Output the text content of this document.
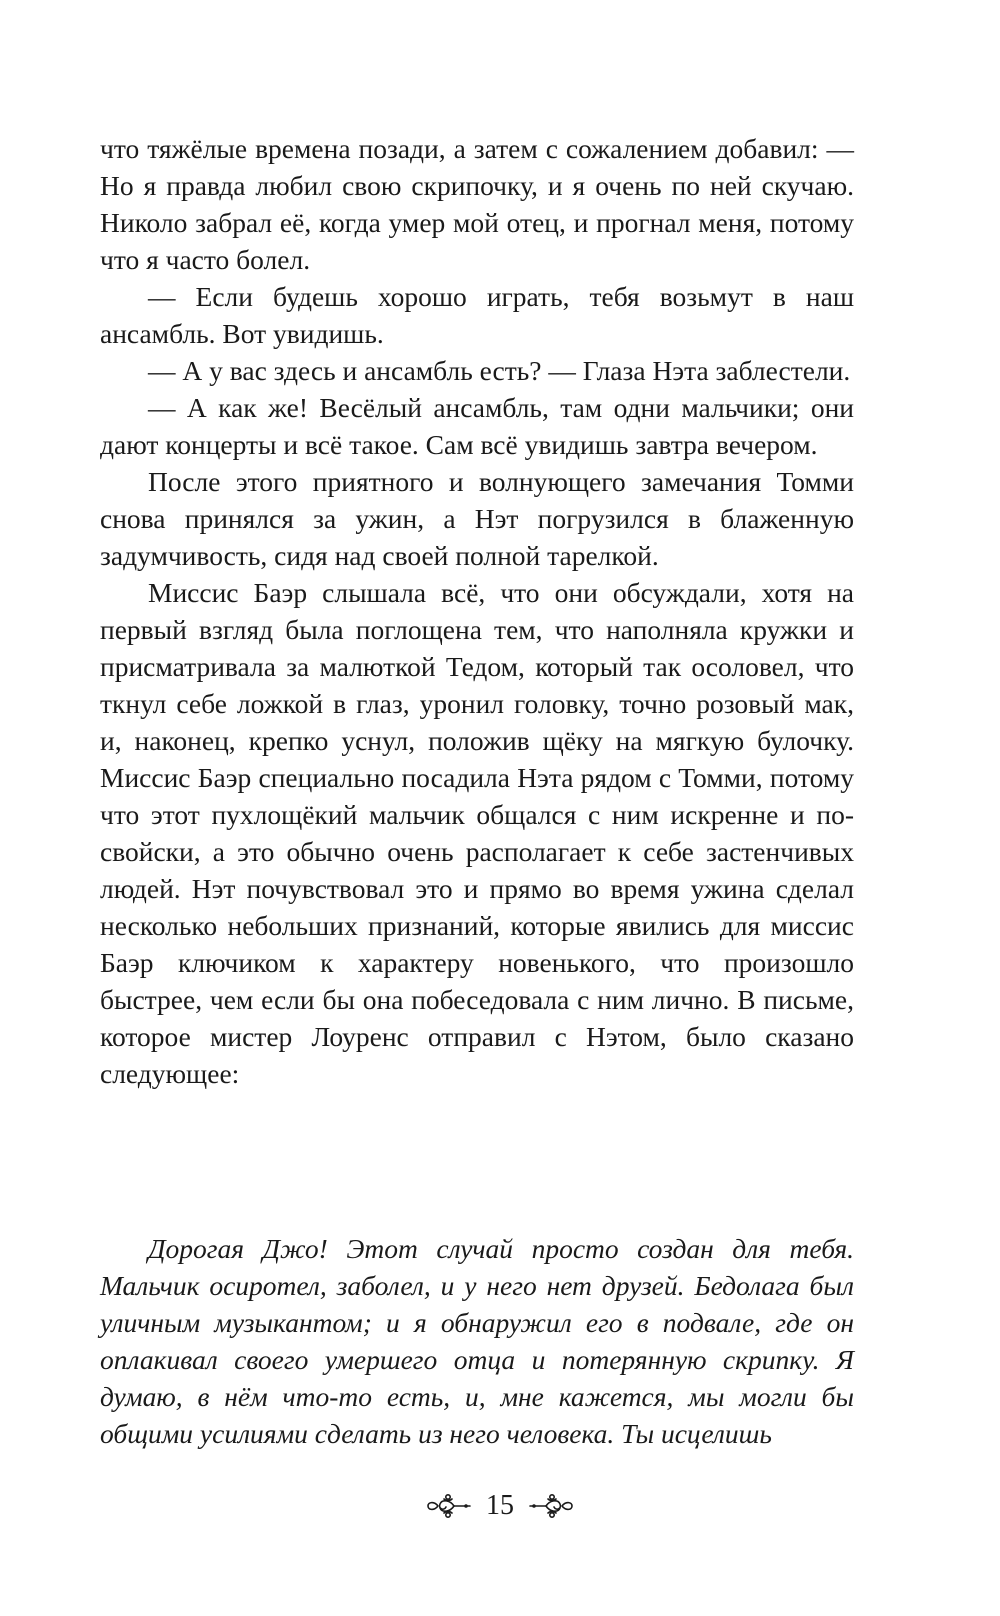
что тяжёлые времена позади, а затем с сожалением добавил: — Но я правда любил свою скрипочку, и я очень по ней скучаю. Николо забрал её, когда умер мой отец, и прогнал меня, потому что я часто болел.

— Если будешь хорошо играть, тебя возьмут в наш ансамбль. Вот увидишь.

— А у вас здесь и ансамбль есть? — Глаза Нэта заблестели.

— А как же! Весёлый ансамбль, там одни мальчики; они дают концерты и всё такое. Сам всё увидишь завтра вечером.

После этого приятного и волнующего замечания Томми снова принялся за ужин, а Нэт погрузился в блаженную задумчивость, сидя над своей полной тарелкой.

Миссис Баэр слышала всё, что они обсуждали, хотя на первый взгляд была поглощена тем, что наполняла кружки и присматривала за малюткой Тедом, который так осоловел, что ткнул себе ложкой в глаз, уронил головку, точно розовый мак, и, наконец, крепко уснул, положив щёку на мягкую булочку. Миссис Баэр специально посадила Нэта рядом с Томми, потому что этот пухлощёкий мальчик общался с ним искренне и по-свойски, а это обычно очень располагает к себе застенчивых людей. Нэт почувствовал это и прямо во время ужина сделал несколько небольших признаний, которые явились для миссис Баэр ключиком к характеру новенького, что произошло быстрее, чем если бы она побеседовала с ним лично. В письме, которое мистер Лоуренс отправил с Нэтом, было сказано следующее:

Дорогая Джо! Этот случай просто создан для тебя. Мальчик осиротел, заболел, и у него нет друзей. Бедолага был уличным музыкантом; и я обнаружил его в подвале, где он оплакивал своего умершего отца и потерянную скрипку. Я думаю, в нём что-то есть, и, мне кажется, мы могли бы общими усилиями сделать из него человека. Ты исцелишь

15
